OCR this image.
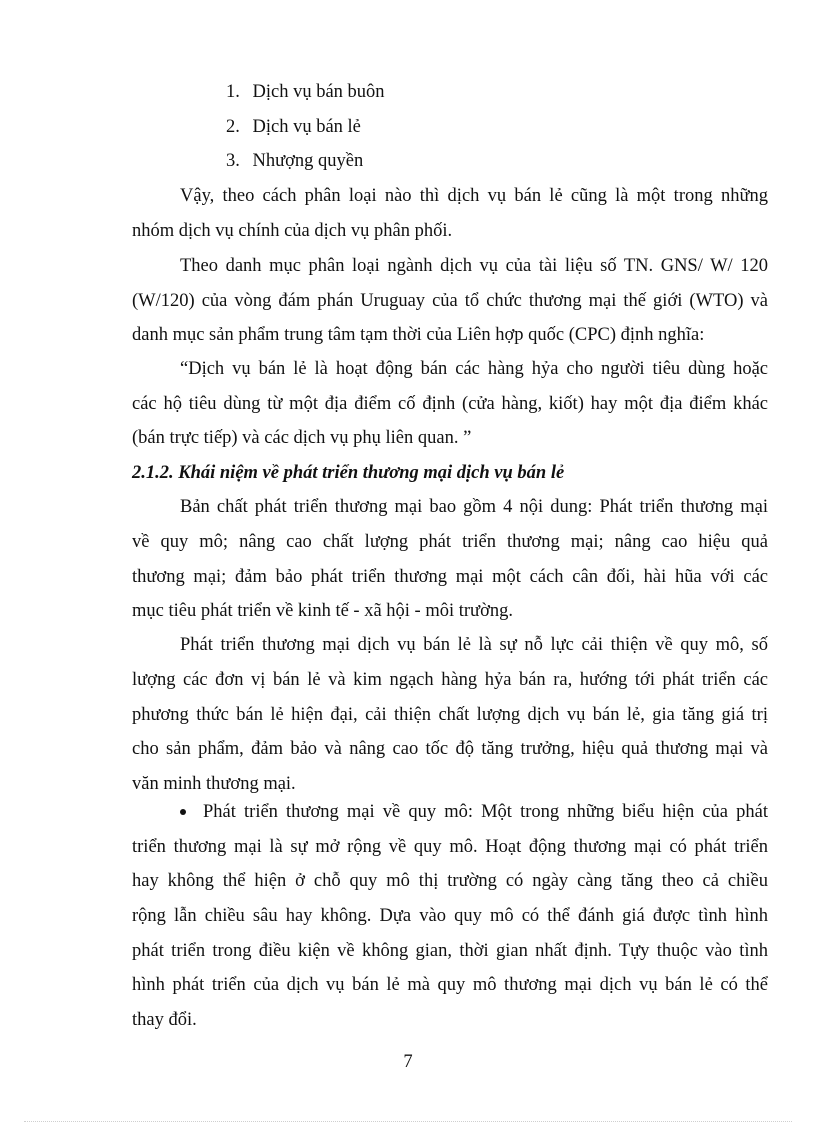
1. Dịch vụ bán buôn
2. Dịch vụ bán lẻ
3. Nhượng quyền
Vậy, theo cách phân loại nào thì dịch vụ bán lẻ cũng là một trong những
nhóm dịch vụ chính của dịch vụ phân phối.
Theo danh mục phân loại ngành dịch vụ của tài liệu số TN. GNS/ W/ 120
(W/120) của vòng đám phán Uruguay của tổ chức thương mại thế giới (WTO) và
danh mục sản phẩm trung tâm tạm thời của Liên hợp quốc (CPC) định nghĩa:
“Dịch vụ bán lẻ là hoạt động bán các hàng hỷa cho người tiêu dùng hoặc
các hộ tiêu dùng từ một địa điểm cố định (cửa hàng, kiốt) hay một địa điểm khác
(bán trực tiếp) và các dịch vụ phụ liên quan. ”
2.1.2. Khái niệm về phát triển thương mại dịch vụ bán lẻ
Bản chất phát triển thương mại bao gồm 4 nội dung: Phát triển thương mại
về quy mô; nâng cao chất lượng phát triển thương mại; nâng cao hiệu quả
thương mại; đảm bảo phát triển thương mại một cách cân đối, hài hũa với các
mục tiêu phát triển về kinh tế - xã hội - môi trường.
Phát triển thương mại dịch vụ bán lẻ là sự nỗ lực cải thiện về quy mô, số
lượng các đơn vị bán lẻ và kim ngạch hàng hỷa bán ra, hướng tới phát triển các
phương thức bán lẻ hiện đại, cải thiện chất lượng dịch vụ bán lẻ, gia tăng giá trị
cho sản phẩm, đảm bảo và nâng cao tốc độ tăng trưởng, hiệu quả thương mại và
văn minh thương mại.
Phát triển thương mại về quy mô: Một trong những biểu hiện của phát
triển thương mại là sự mở rộng về quy mô. Hoạt động thương mại có phát triển
hay không thể hiện ở chỗ quy mô thị trường có ngày càng tăng theo cả chiều
rộng lẫn chiều sâu hay không. Dựa vào quy mô có thể đánh giá được tình hình
phát triển trong điều kiện về không gian, thời gian nhất định. Tựy thuộc vào tình
hình phát triển của dịch vụ bán lẻ mà quy mô thương mại dịch vụ bán lẻ có thể
thay đổi.
7
